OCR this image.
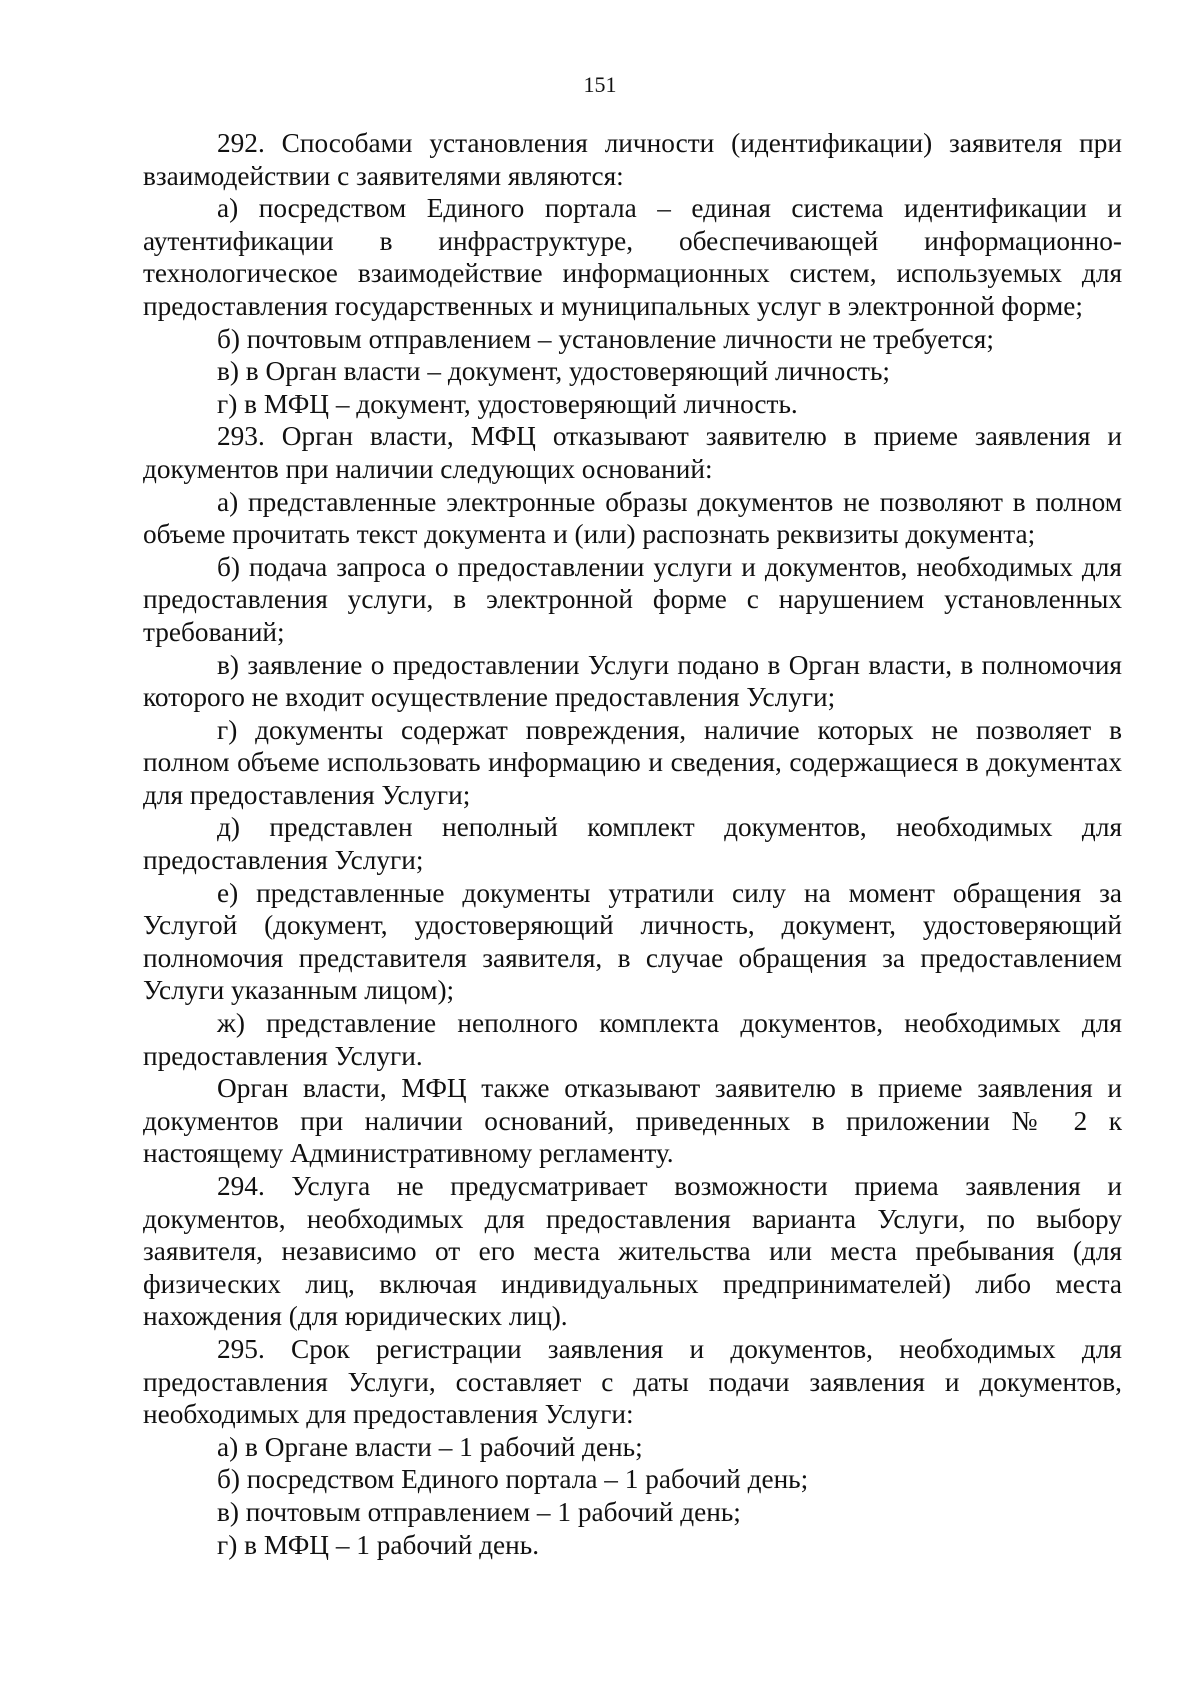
151

292. Способами установления личности (идентификации) заявителя при взаимодействии с заявителями являются:

а) посредством Единого портала – единая система идентификации и аутентификации в инфраструктуре, обеспечивающей информационно-технологическое взаимодействие информационных систем, используемых для предоставления государственных и муниципальных услуг в электронной форме;

б) почтовым отправлением – установление личности не требуется;

в) в Орган власти – документ, удостоверяющий личность;

г) в МФЦ – документ, удостоверяющий личность.

293. Орган власти, МФЦ отказывают заявителю в приеме заявления и документов при наличии следующих оснований:

а) представленные электронные образы документов не позволяют в полном объеме прочитать текст документа и (или) распознать реквизиты документа;

б) подача запроса о предоставлении услуги и документов, необходимых для предоставления услуги, в электронной форме с нарушением установленных требований;

в) заявление о предоставлении Услуги подано в Орган власти, в полномочия которого не входит осуществление предоставления Услуги;

г) документы содержат повреждения, наличие которых не позволяет в полном объеме использовать информацию и сведения, содержащиеся в документах для предоставления Услуги;

д) представлен неполный комплект документов, необходимых для предоставления Услуги;

е) представленные документы утратили силу на момент обращения за Услугой (документ, удостоверяющий личность, документ, удостоверяющий полномочия представителя заявителя, в случае обращения за предоставлением Услуги указанным лицом);

ж) представление неполного комплекта документов, необходимых для предоставления Услуги.

Орган власти, МФЦ также отказывают заявителю в приеме заявления и документов при наличии оснований, приведенных в приложении № 2 к настоящему Административному регламенту.

294. Услуга не предусматривает возможности приема заявления и документов, необходимых для предоставления варианта Услуги, по выбору заявителя, независимо от его места жительства или места пребывания (для физических лиц, включая индивидуальных предпринимателей) либо места нахождения (для юридических лиц).

295. Срок регистрации заявления и документов, необходимых для предоставления Услуги, составляет с даты подачи заявления и документов, необходимых для предоставления Услуги:

а) в Органе власти – 1 рабочий день;

б) посредством Единого портала – 1 рабочий день;

в) почтовым отправлением – 1 рабочий день;

г) в МФЦ – 1 рабочий день.
